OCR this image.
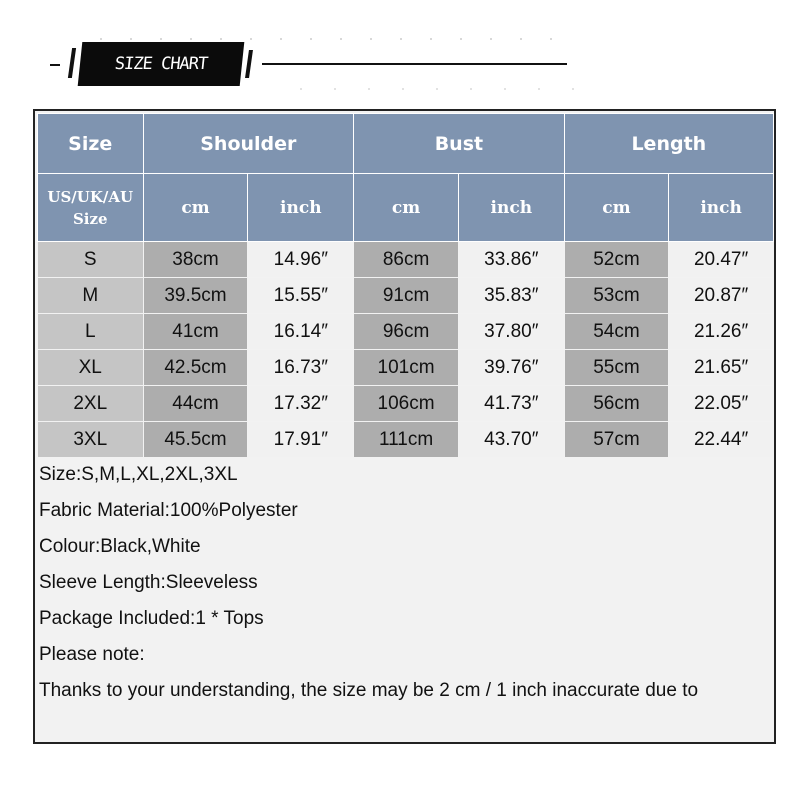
SIZE CHART
Size	Shoulder		Bust		Length	

US/UK/AU
Size	cm	inch	cm	inch	cm	inch
S	38cm	14.96″	86cm	33.86″	52cm	20.47″
M	39.5cm	15.55″	91cm	35.83″	53cm	20.87″
L	41cm	16.14″	96cm	37.80″	54cm	21.26″
XL	42.5cm	16.73″	101cm	39.76″	55cm	21.65″
2XL	44cm	17.32″	106cm	41.73″	56cm	22.05″
3XL	45.5cm	17.91″	111cm	43.70″	57cm	22.44″
Size:S,M,L,XL,2XL,3XL
Fabric Material:100%Polyester
Colour:Black,White
Sleeve Length:Sleeveless
Package Included:1 * Tops
Please note:
Thanks to your understanding, the size may be 2 cm / 1 inch inaccurate due to
